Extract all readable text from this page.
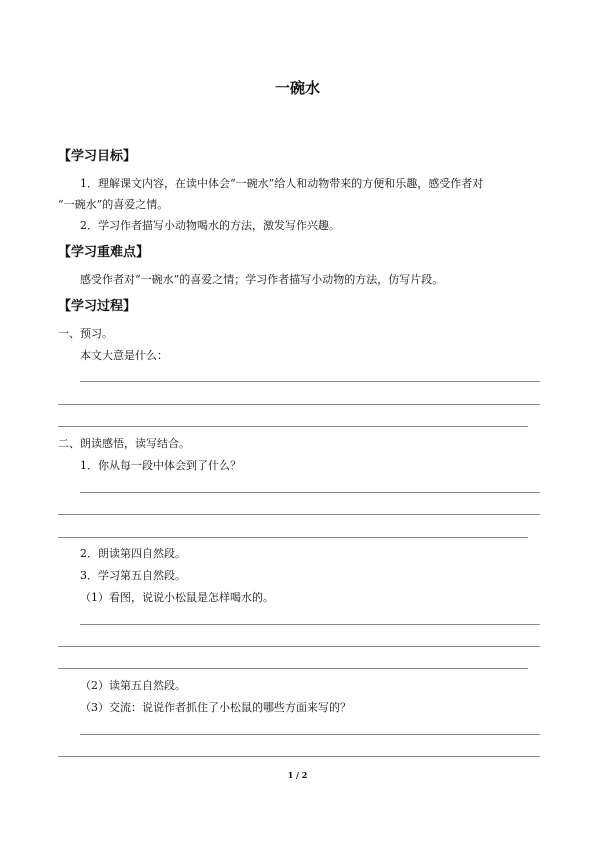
一碗水
【学习目标】
1．理解课文内容，在读中体会“一碗水”给人和动物带来的方便和乐趣，感受作者对
“一碗水”的喜爱之情。
2．学习作者描写小动物喝水的方法，激发写作兴趣。
【学习重难点】
感受作者对“一碗水”的喜爱之情；学习作者描写小动物的方法，仿写片段。
【学习过程】
一、预习。
本文大意是什么：
二、朗读感悟，读写结合。
1．你从每一段中体会到了什么？
2．朗读第四自然段。
3．学习第五自然段。
（1）看图，说说小松鼠是怎样喝水的。
（2）读第五自然段。
（3）交流：说说作者抓住了小松鼠的哪些方面来写的？
1 / 2
